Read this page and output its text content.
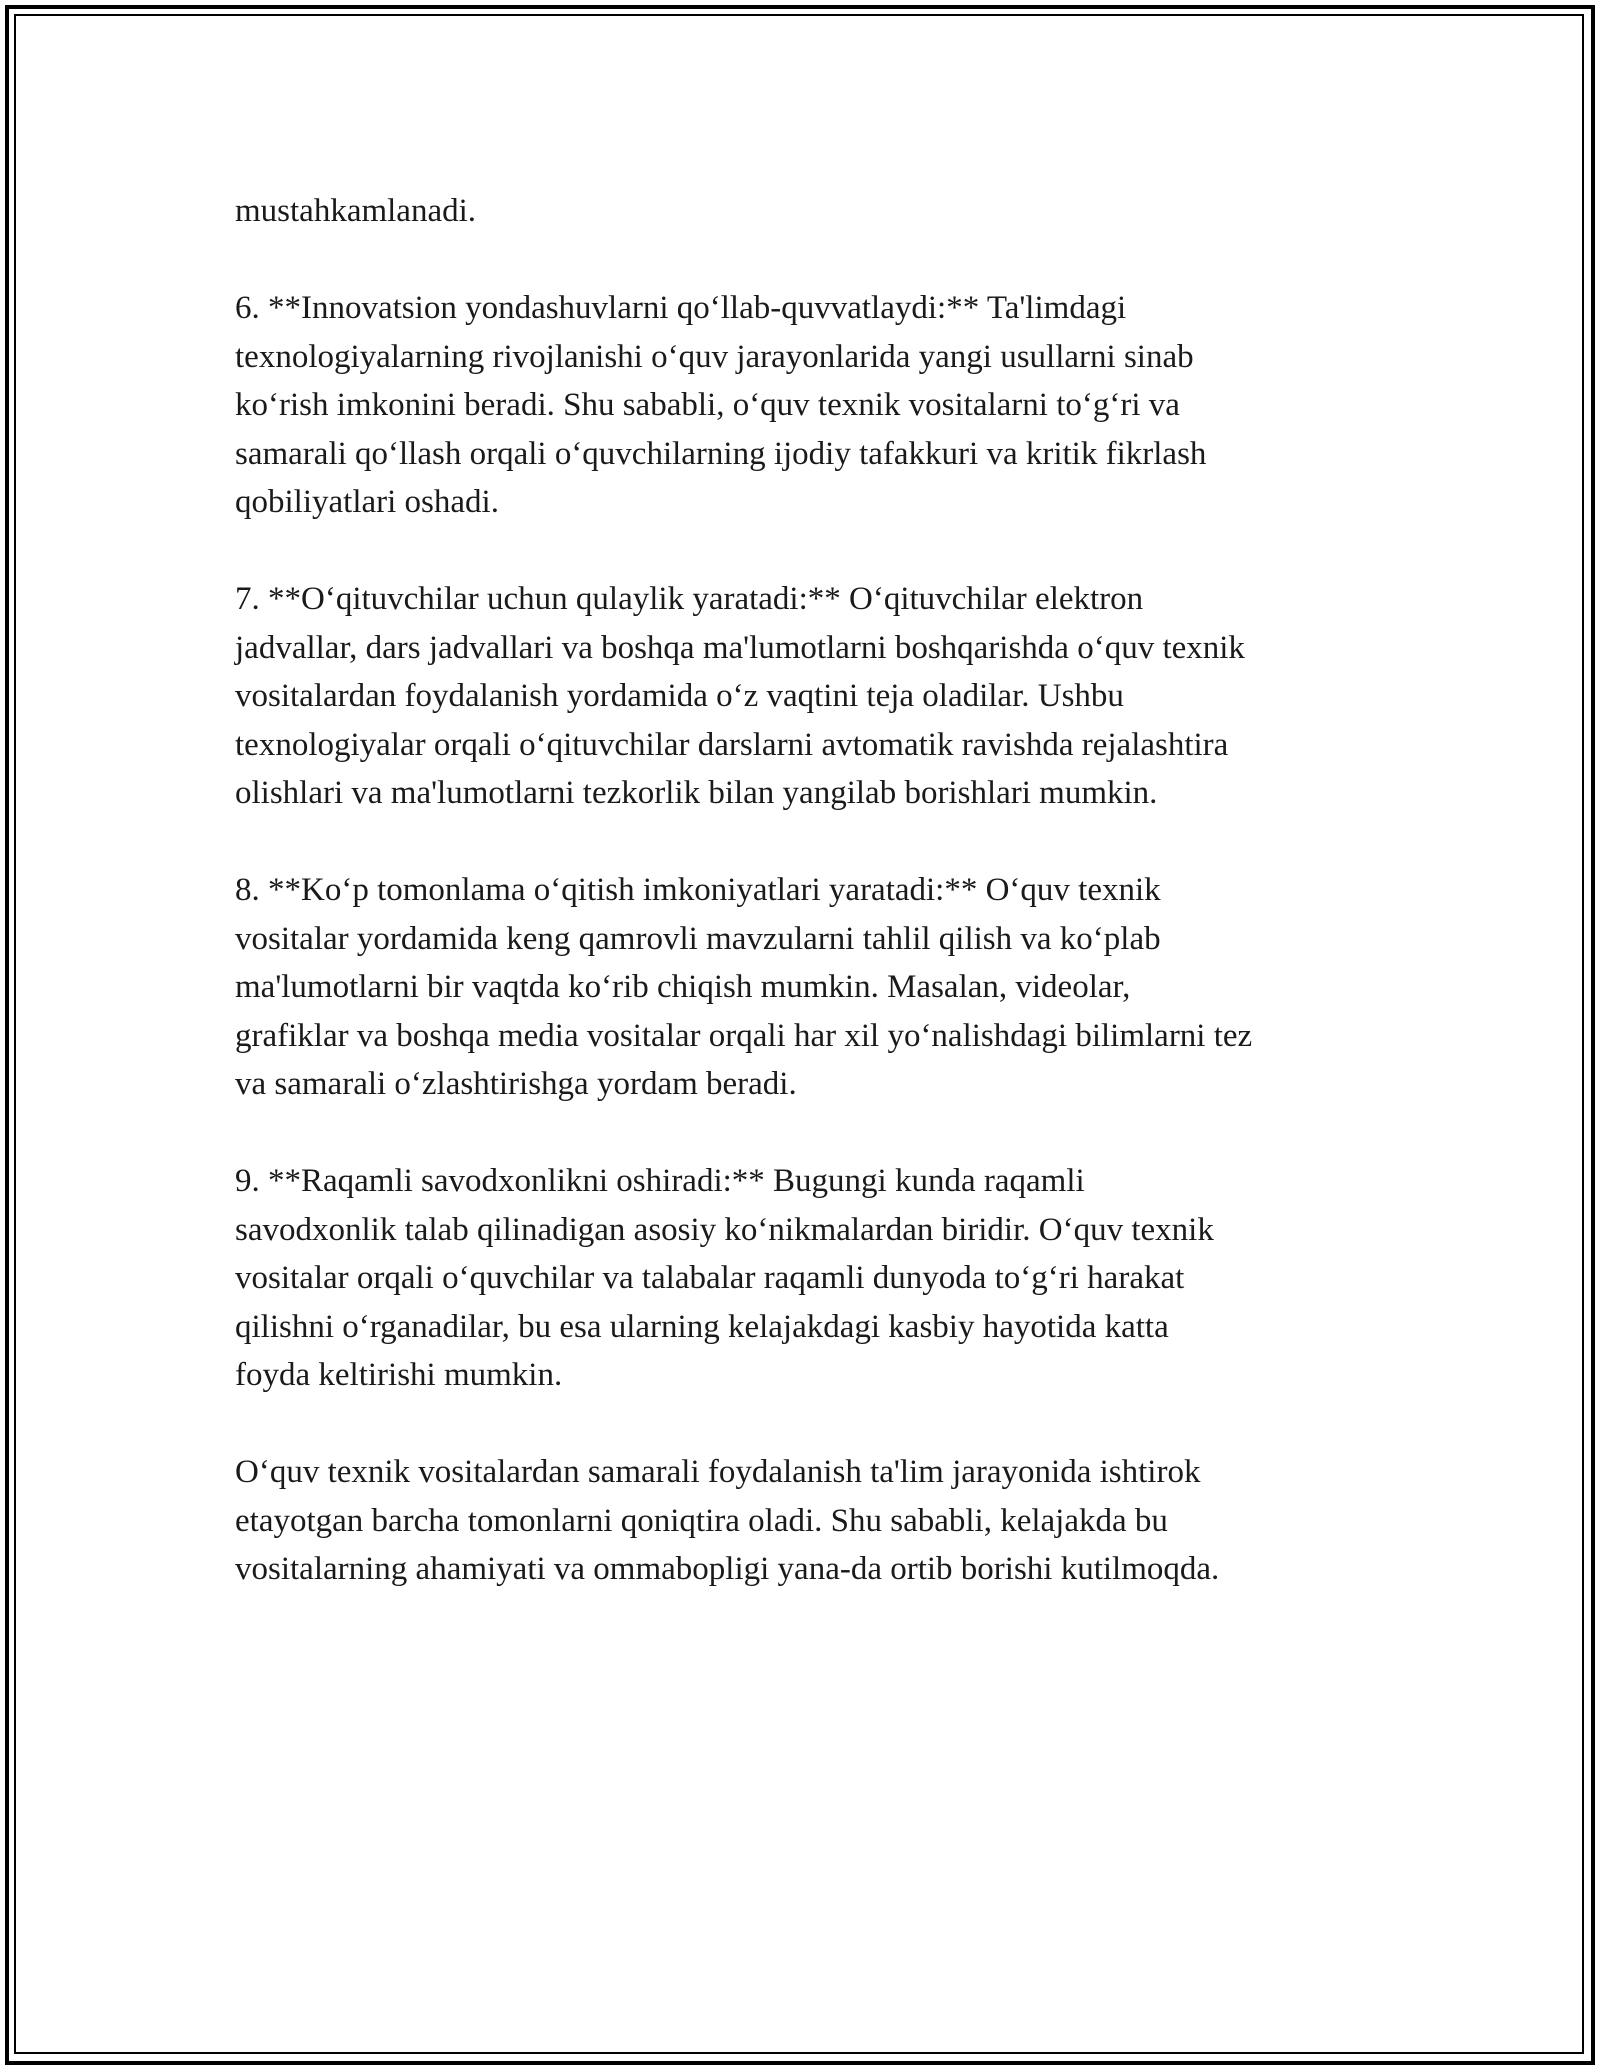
mustahkamlanadi.

6. **Innovatsion yondashuvlarni qo‘llab-quvvatlaydi:** Ta'limdagi
texnologiyalarning rivojlanishi o‘quv jarayonlarida yangi usullarni sinab
ko‘rish imkonini beradi. Shu sababli, o‘quv texnik vositalarni to‘g‘ri va
samarali qo‘llash orqali o‘quvchilarning ijodiy tafakkuri va kritik fikrlash
qobiliyatlari oshadi.

7. **O‘qituvchilar uchun qulaylik yaratadi:** O‘qituvchilar elektron
jadvallar, dars jadvallari va boshqa ma'lumotlarni boshqarishda o‘quv texnik
vositalardan foydalanish yordamida o‘z vaqtini teja oladilar. Ushbu
texnologiyalar orqali o‘qituvchilar darslarni avtomatik ravishda rejalashtira
olishlari va ma'lumotlarni tezkorlik bilan yangilab borishlari mumkin.

8. **Ko‘p tomonlama o‘qitish imkoniyatlari yaratadi:** O‘quv texnik
vositalar yordamida keng qamrovli mavzularni tahlil qilish va ko‘plab
ma'lumotlarni bir vaqtda ko‘rib chiqish mumkin. Masalan, videolar,
grafiklar va boshqa media vositalar orqali har xil yo‘nalishdagi bilimlarni tez
va samarali o‘zlashtirishga yordam beradi.

9. **Raqamli savodxonlikni oshiradi:** Bugungi kunda raqamli
savodxonlik talab qilinadigan asosiy ko‘nikmalardan biridir. O‘quv texnik
vositalar orqali o‘quvchilar va talabalar raqamli dunyoda to‘g‘ri harakat
qilishni o‘rganadilar, bu esa ularning kelajakdagi kasbiy hayotida katta
foyda keltirishi mumkin.

O‘quv texnik vositalardan samarali foydalanish ta'lim jarayonida ishtirok
etayotgan barcha tomonlarni qoniqtira oladi. Shu sababli, kelajakda bu
vositalarning ahamiyati va ommabopligi yana-da ortib borishi kutilmoqda.
